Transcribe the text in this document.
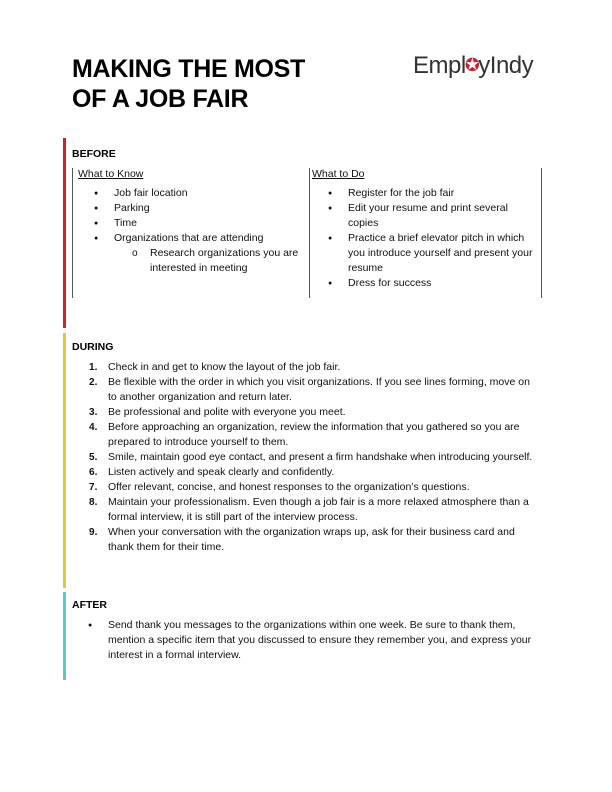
MAKING THE MOST
OF A JOB FAIR
Empl✪yIndy
BEFORE
What to Know
● Job fair location
● Parking
● Time
● Organizations that are attending
o Research organizations you are interested in meeting
What to Do
● Register for the job fair
● Edit your resume and print several copies
● Practice a brief elevator pitch in which you introduce yourself and present your resume
● Dress for success
DURING
Check in and get to know the layout of the job fair.
Be flexible with the order in which you visit organizations. If you see lines forming, move on to another organization and return later.
Be professional and polite with everyone you meet.
Before approaching an organization, review the information that you gathered so you are prepared to introduce yourself to them.
Smile, maintain good eye contact, and present a firm handshake when introducing yourself.
Listen actively and speak clearly and confidently.
Offer relevant, concise, and honest responses to the organization’s questions.
Maintain your professionalism. Even though a job fair is a more relaxed atmosphere than a formal interview, it is still part of the interview process.
When your conversation with the organization wraps up, ask for their business card and thank them for their time.
AFTER
● Send thank you messages to the organizations within one week. Be sure to thank them, mention a specific item that you discussed to ensure they remember you, and express your interest in a formal interview.
